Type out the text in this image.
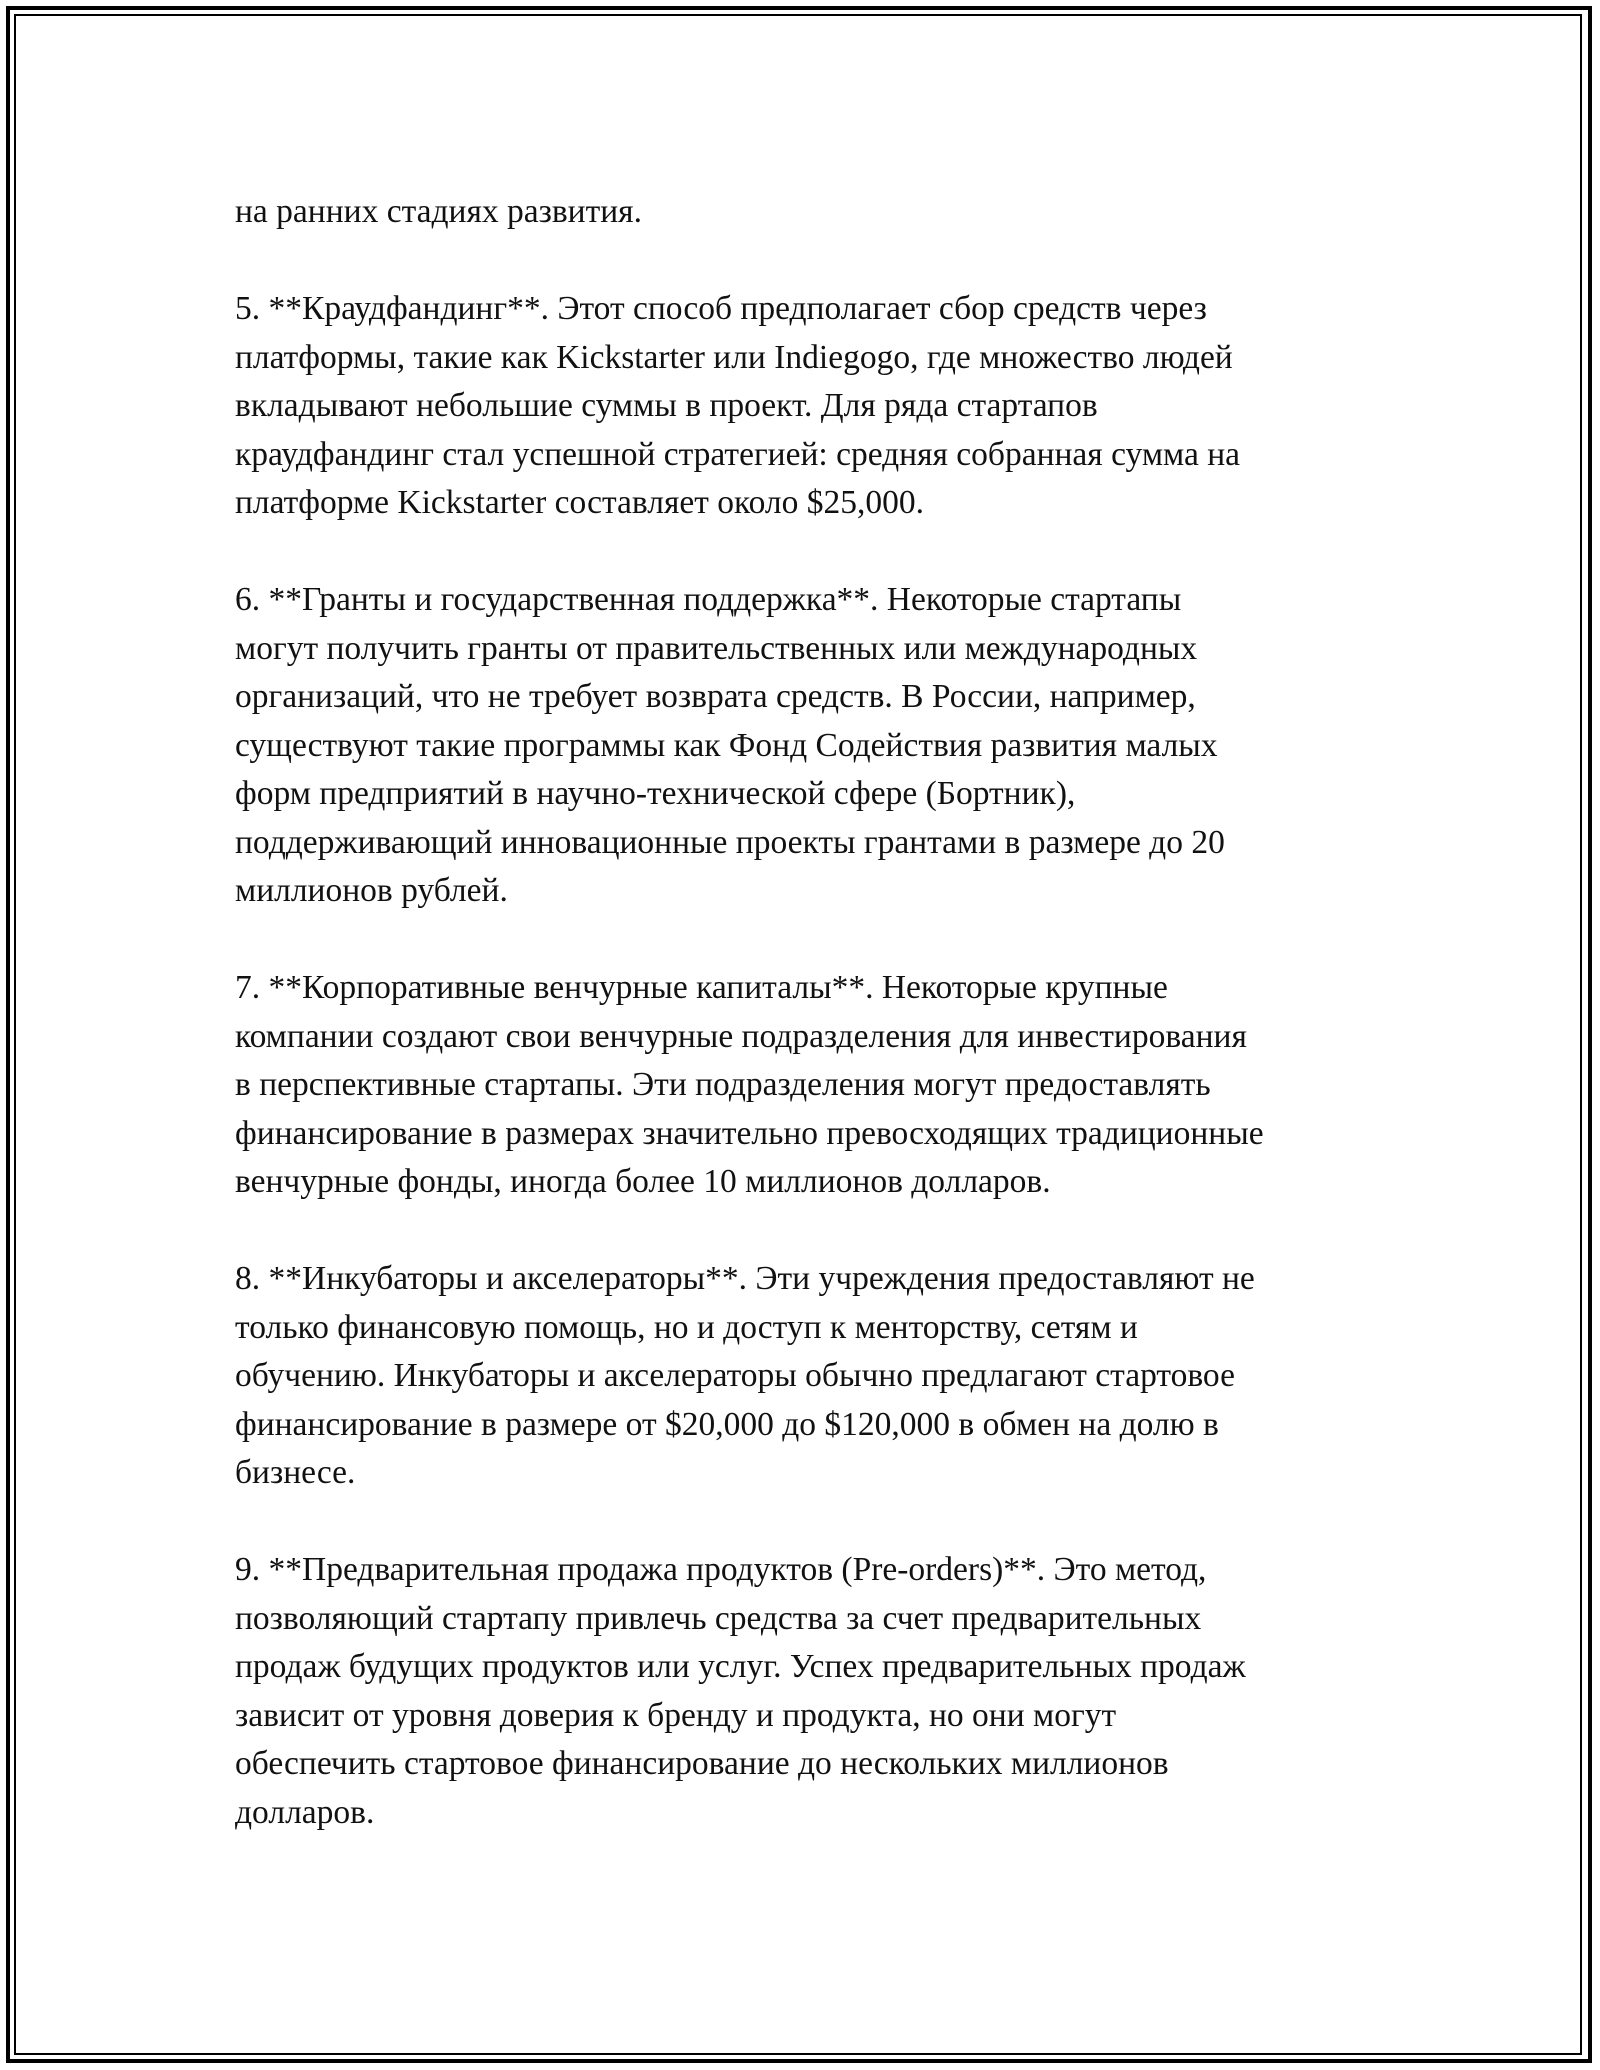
на ранних стадиях развития.

5. **Краудфандинг**. Этот способ предполагает сбор средств через
платформы, такие как Kickstarter или Indiegogo, где множество людей
вкладывают небольшие суммы в проект. Для ряда стартапов
краудфандинг стал успешной стратегией: средняя собранная сумма на
платформе Kickstarter составляет около $25,000.

6. **Гранты и государственная поддержка**. Некоторые стартапы
могут получить гранты от правительственных или международных
организаций, что не требует возврата средств. В России, например,
существуют такие программы как Фонд Содействия развития малых
форм предприятий в научно-технической сфере (Бортник),
поддерживающий инновационные проекты грантами в размере до 20
миллионов рублей.

7. **Корпоративные венчурные капиталы**. Некоторые крупные
компании создают свои венчурные подразделения для инвестирования
в перспективные стартапы. Эти подразделения могут предоставлять
финансирование в размерах значительно превосходящих традиционные
венчурные фонды, иногда более 10 миллионов долларов.

8. **Инкубаторы и акселераторы**. Эти учреждения предоставляют не
только финансовую помощь, но и доступ к менторству, сетям и
обучению. Инкубаторы и акселераторы обычно предлагают стартовое
финансирование в размере от $20,000 до $120,000 в обмен на долю в
бизнесе.

9. **Предварительная продажа продуктов (Pre-orders)**. Это метод,
позволяющий стартапу привлечь средства за счет предварительных
продаж будущих продуктов или услуг. Успех предварительных продаж
зависит от уровня доверия к бренду и продукта, но они могут
обеспечить стартовое финансирование до нескольких миллионов
долларов.
